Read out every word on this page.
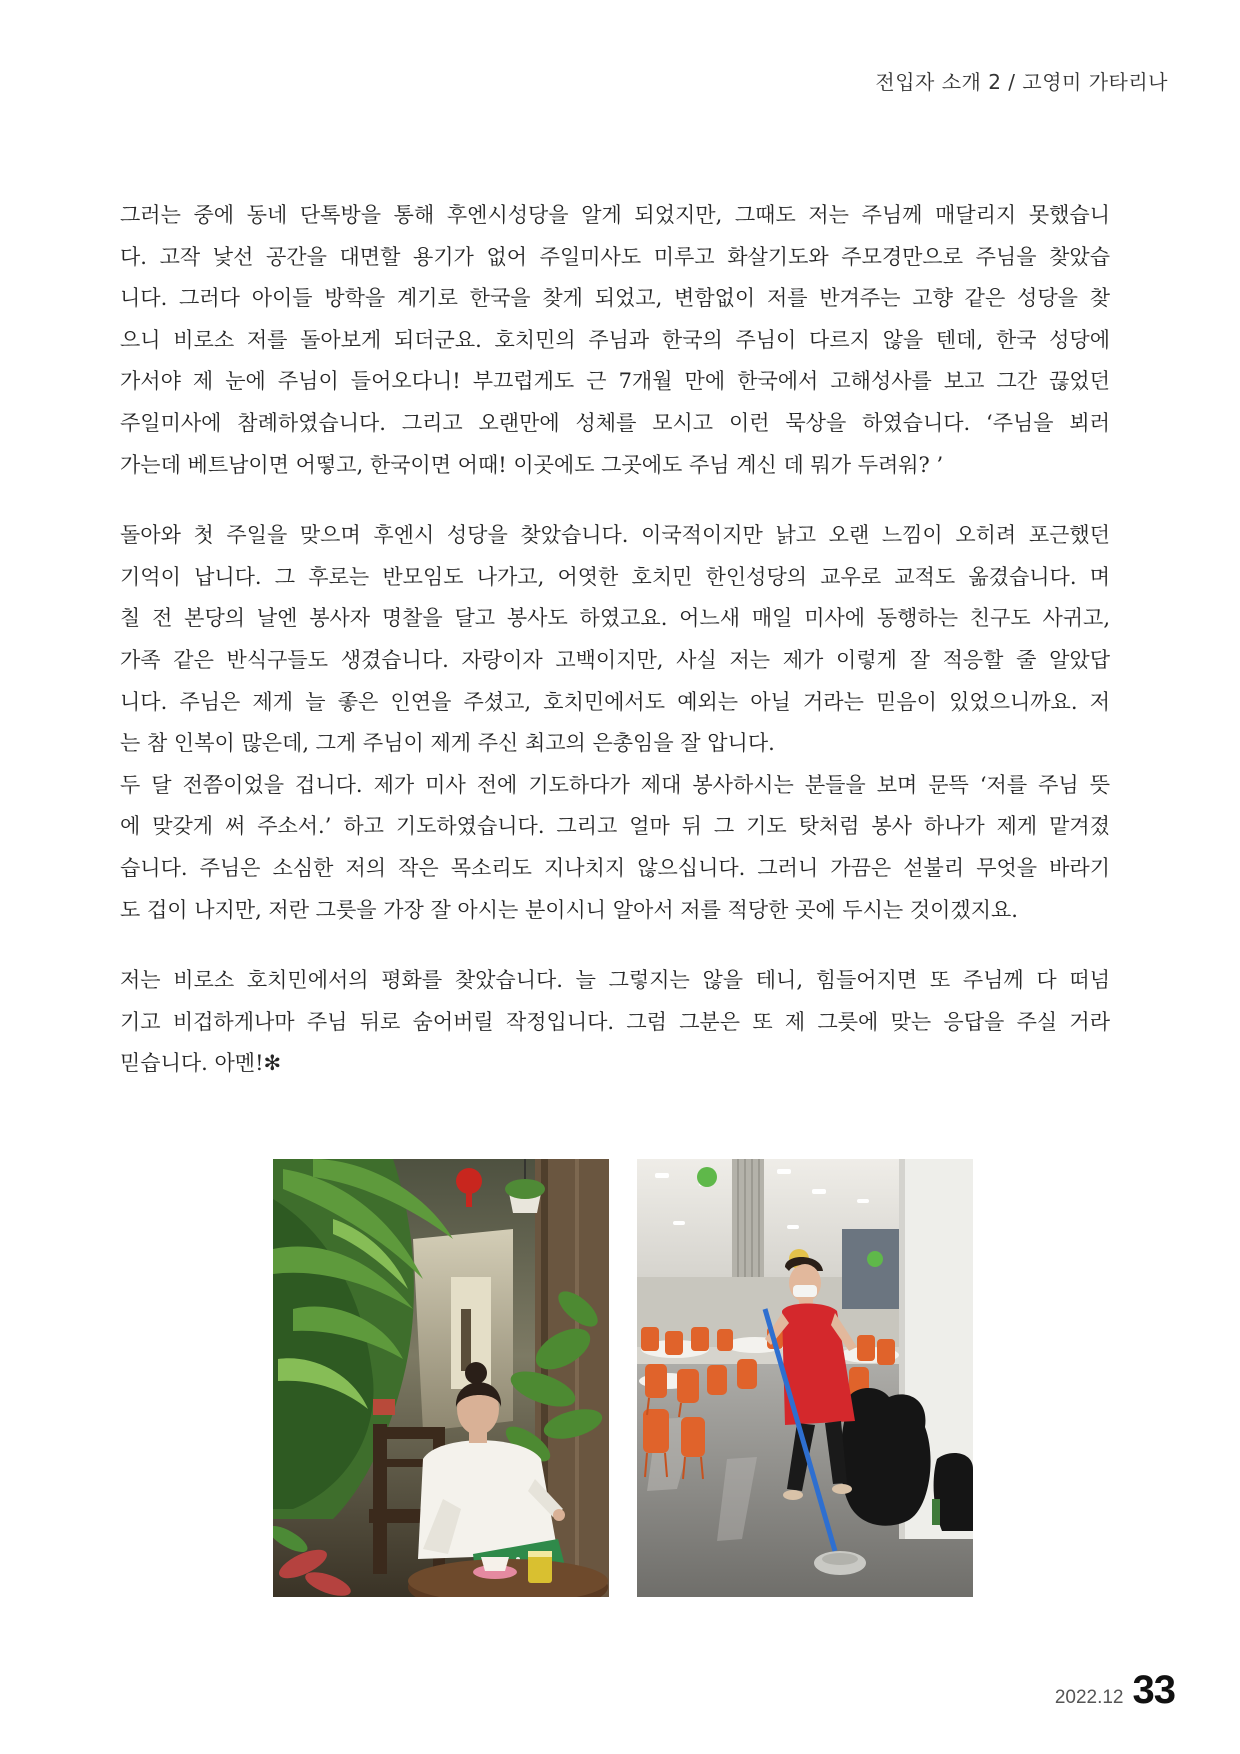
전입자 소개 2 / 고영미 가타리나
그러는 중에 동네 단톡방을 통해 후엔시성당을 알게 되었지만, 그때도 저는 주님께 매달리지 못했습니
다. 고작 낯선 공간을 대면할 용기가 없어 주일미사도 미루고 화살기도와 주모경만으로 주님을 찾았습
니다. 그러다 아이들 방학을 계기로 한국을 찾게 되었고, 변함없이 저를 반겨주는 고향 같은 성당을 찾
으니 비로소 저를 돌아보게 되더군요. 호치민의 주님과 한국의 주님이 다르지 않을 텐데, 한국 성당에
가서야 제 눈에 주님이 들어오다니! 부끄럽게도 근 7개월 만에 한국에서 고해성사를 보고 그간 끊었던
주일미사에 참례하였습니다. 그리고 오랜만에 성체를 모시고 이런 묵상을 하였습니다. ‘주님을 뵈러
가는데 베트남이면 어떻고, 한국이면 어때! 이곳에도 그곳에도 주님 계신 데 뭐가 두려워? ’
돌아와 첫 주일을 맞으며 후엔시 성당을 찾았습니다. 이국적이지만 낡고 오랜 느낌이 오히려 포근했던
기억이 납니다. 그 후로는 반모임도 나가고, 어엿한 호치민 한인성당의 교우로 교적도 옮겼습니다. 며
칠 전 본당의 날엔 봉사자 명찰을 달고 봉사도 하였고요. 어느새 매일 미사에 동행하는 친구도 사귀고,
가족 같은 반식구들도 생겼습니다. 자랑이자 고백이지만, 사실 저는 제가 이렇게 잘 적응할 줄 알았답
니다. 주님은 제게 늘 좋은 인연을 주셨고, 호치민에서도 예외는 아닐 거라는 믿음이 있었으니까요. 저
는 참 인복이 많은데, 그게 주님이 제게 주신 최고의 은총임을 잘 압니다.
두 달 전쯤이었을 겁니다. 제가 미사 전에 기도하다가 제대 봉사하시는 분들을 보며 문뜩 ‘저를 주님 뜻
에 맞갖게 써 주소서.’ 하고 기도하였습니다. 그리고 얼마 뒤 그 기도 탓처럼 봉사 하나가 제게 맡겨졌
습니다. 주님은 소심한 저의 작은 목소리도 지나치지 않으십니다. 그러니 가끔은 섣불리 무엇을 바라기
도 겁이 나지만, 저란 그릇을 가장 잘 아시는 분이시니 알아서 저를 적당한 곳에 두시는 것이겠지요.
저는 비로소 호치민에서의 평화를 찾았습니다. 늘 그렇지는 않을 테니, 힘들어지면 또 주님께 다 떠넘
기고 비겁하게나마 주님 뒤로 숨어버릴 작정입니다. 그럼 그분은 또 제 그릇에 맞는 응답을 주실 거라
믿습니다. 아멘!✻
2022.12 33
